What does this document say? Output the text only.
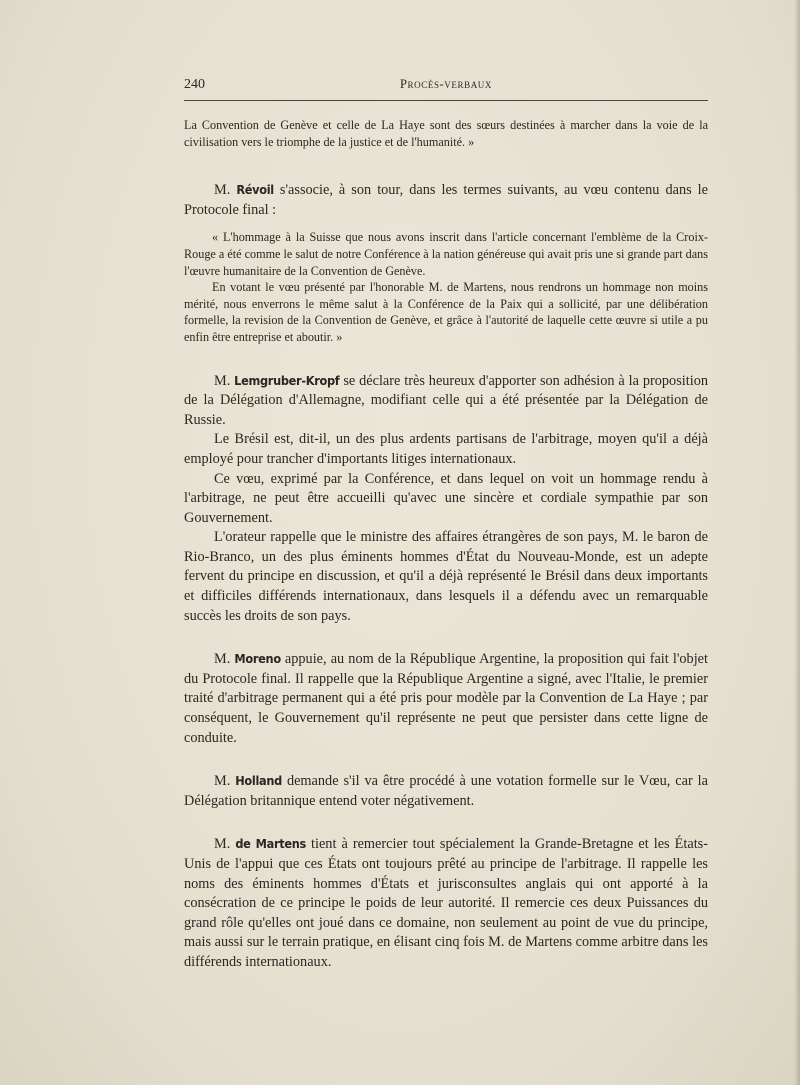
240	Procès-verbaux

La Convention de Genève et celle de La Haye sont des sœurs destinées à marcher dans la voie de la civilisation vers le triomphe de la justice et de l'humanité. »

M. Révoil s'associe, à son tour, dans les termes suivants, au vœu contenu dans le Protocole final :

« L'hommage à la Suisse que nous avons inscrit dans l'article concernant l'emblème de la Croix-Rouge a été comme le salut de notre Conférence à la nation généreuse qui avait pris une si grande part dans l'œuvre humanitaire de la Convention de Genève.

En votant le vœu présenté par l'honorable M. de Martens, nous rendrons un hommage non moins mérité, nous enverrons le même salut à la Conférence de la Paix qui a sollicité, par une délibération formelle, la revision de la Convention de Genève, et grâce à l'autorité de laquelle cette œuvre si utile a pu enfin être entreprise et aboutir. »

M. Lemgruber-Kropf se déclare très heureux d'apporter son adhésion à la proposition de la Délégation d'Allemagne, modifiant celle qui a été présentée par la Délégation de Russie.

Le Brésil est, dit-il, un des plus ardents partisans de l'arbitrage, moyen qu'il a déjà employé pour trancher d'importants litiges internationaux.

Ce vœu, exprimé par la Conférence, et dans lequel on voit un hommage rendu à l'arbitrage, ne peut être accueilli qu'avec une sincère et cordiale sympathie par son Gouvernement.

L'orateur rappelle que le ministre des affaires étrangères de son pays, M. le baron de Rio-Branco, un des plus éminents hommes d'État du Nouveau-Monde, est un adepte fervent du principe en discussion, et qu'il a déjà représenté le Brésil dans deux importants et difficiles différends internationaux, dans lesquels il a défendu avec un remarquable succès les droits de son pays.

M. Moreno appuie, au nom de la République Argentine, la proposition qui fait l'objet du Protocole final. Il rappelle que la République Argentine a signé, avec l'Italie, le premier traité d'arbitrage permanent qui a été pris pour modèle par la Convention de La Haye ; par conséquent, le Gouvernement qu'il représente ne peut que persister dans cette ligne de conduite.

M. Holland demande s'il va être procédé à une votation formelle sur le Vœu, car la Délégation britannique entend voter négativement.

M. de Martens tient à remercier tout spécialement la Grande-Bretagne et les États-Unis de l'appui que ces États ont toujours prêté au principe de l'arbitrage. Il rappelle les noms des éminents hommes d'États et jurisconsultes anglais qui ont apporté à la consécration de ce principe le poids de leur autorité. Il remercie ces deux Puissances du grand rôle qu'elles ont joué dans ce domaine, non seulement au point de vue du principe, mais aussi sur le terrain pratique, en élisant cinq fois M. de Martens comme arbitre dans les différends internationaux.
